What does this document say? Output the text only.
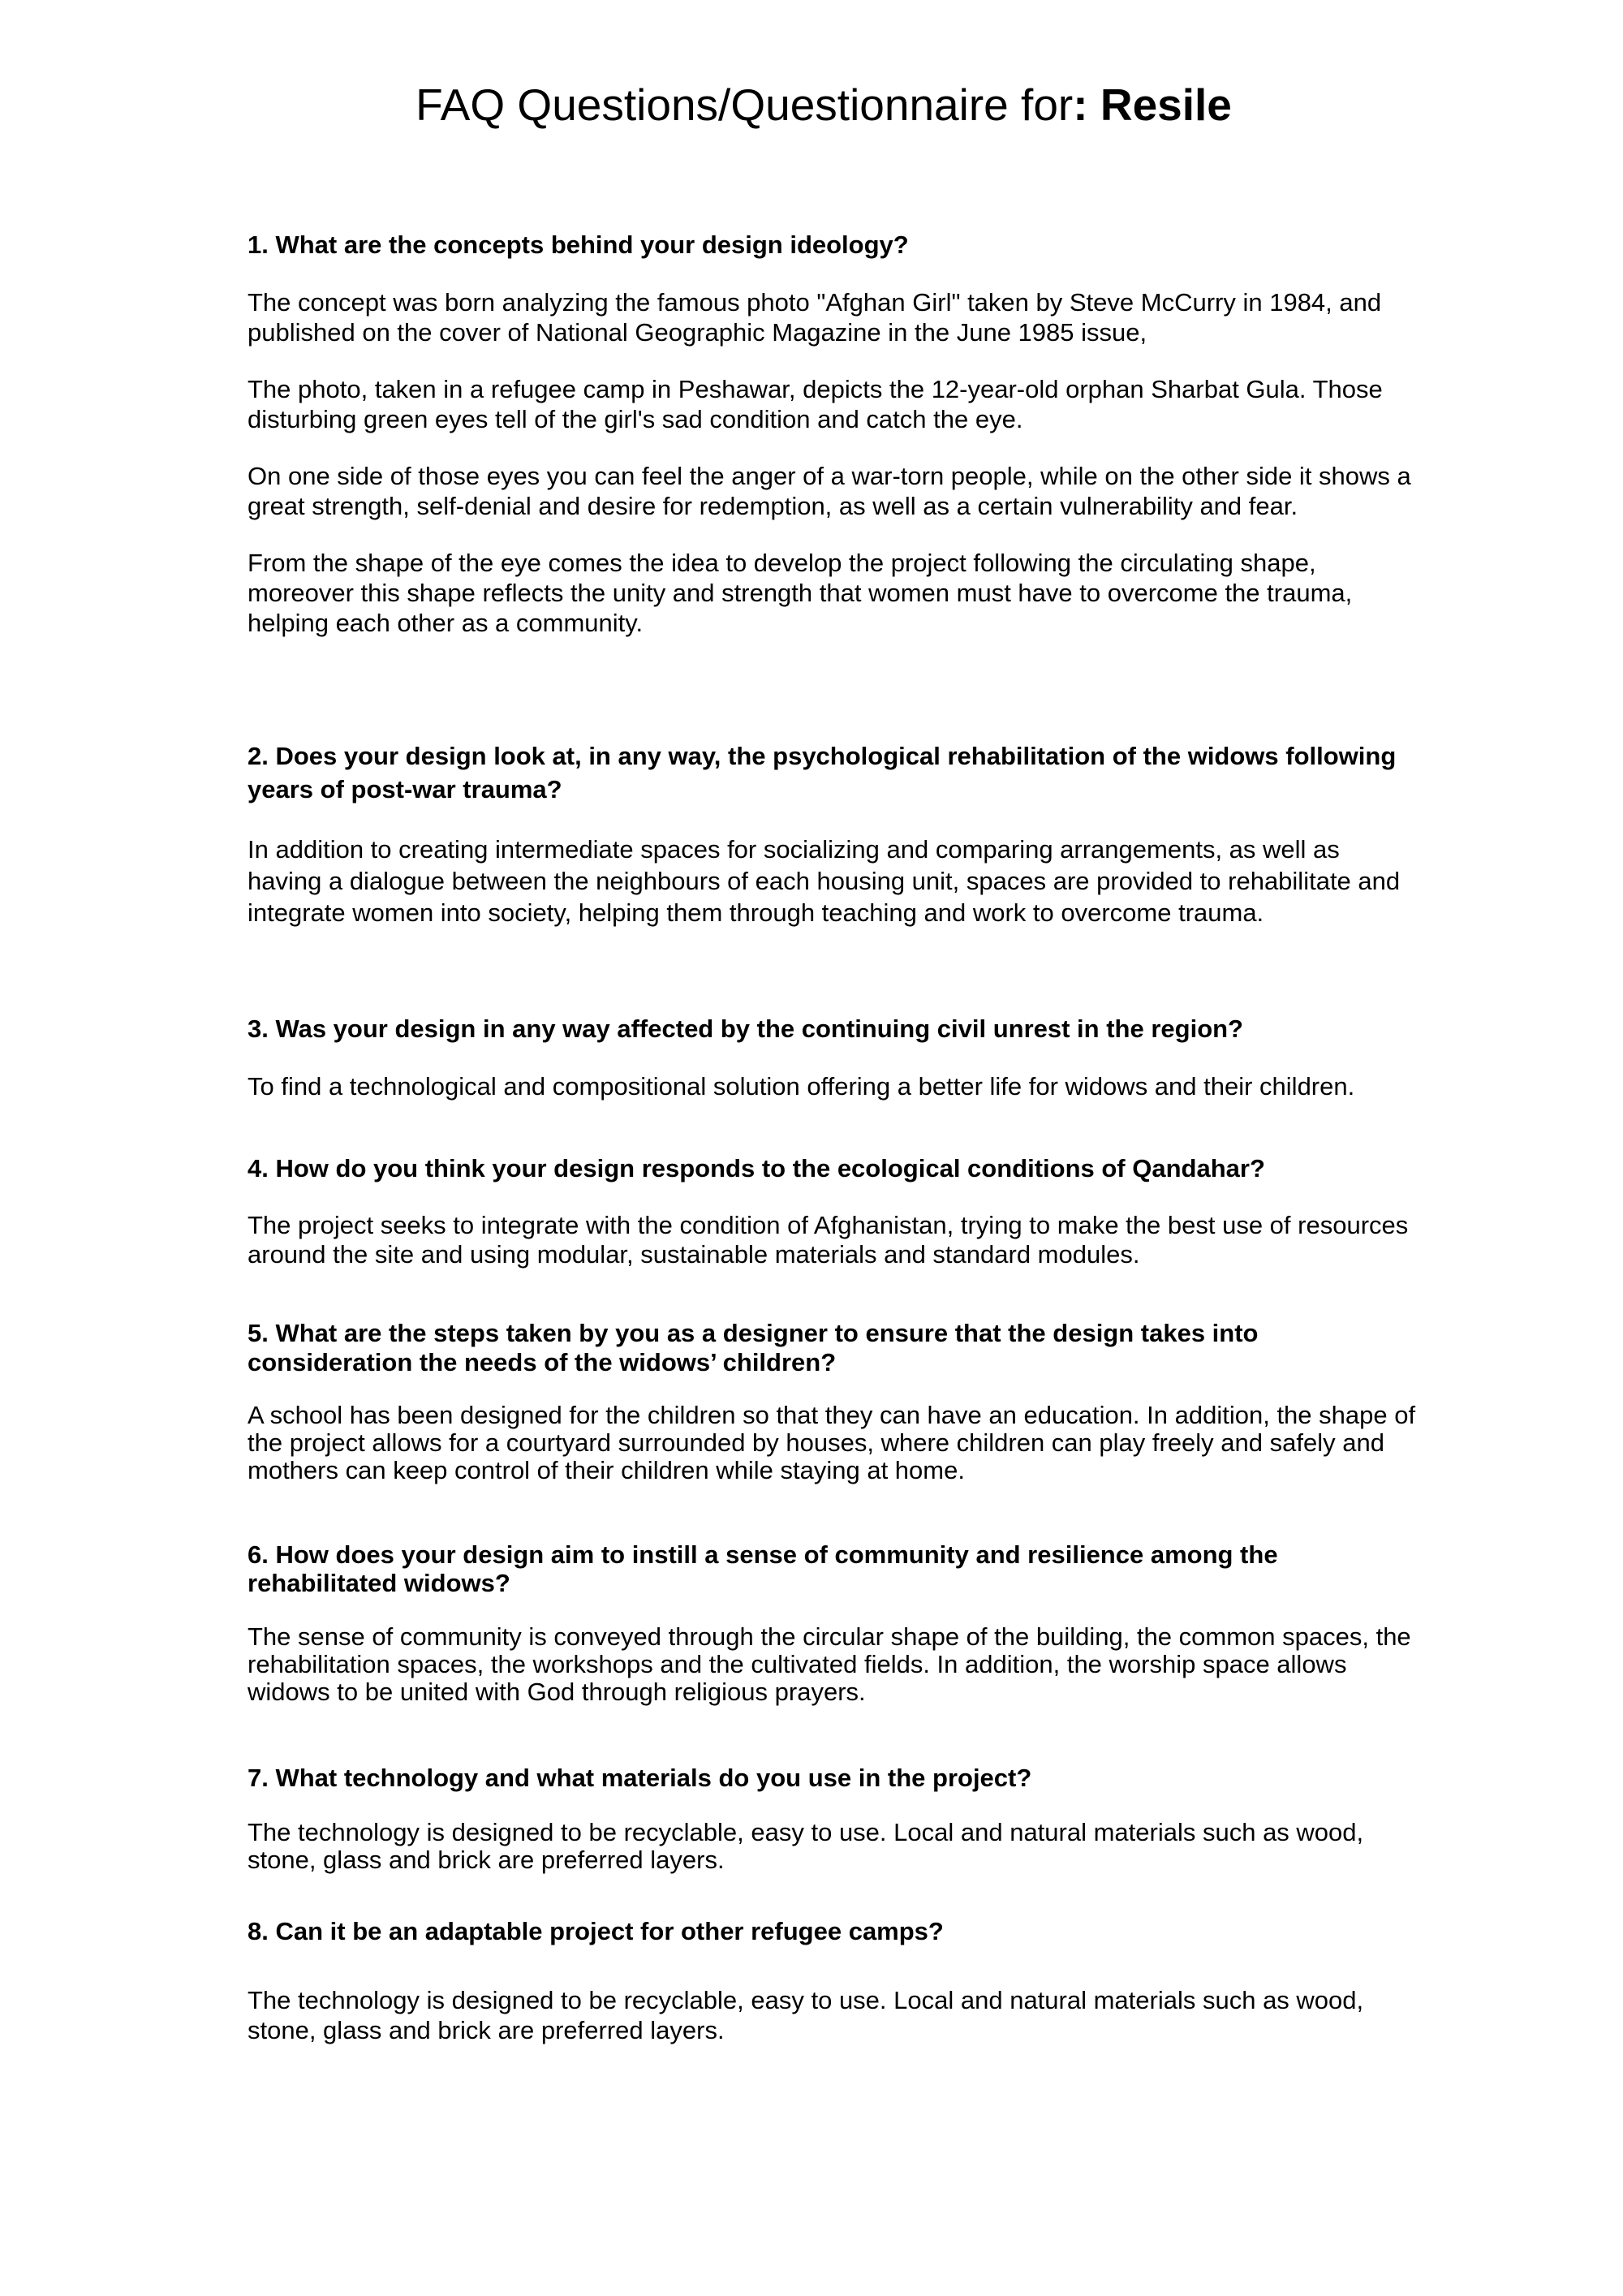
FAQ Questions/Questionnaire for: Resile

1. What are the concepts behind your design ideology?

The concept was born analyzing the famous photo "Afghan Girl" taken by Steve McCurry in 1984, and published on the cover of National Geographic Magazine in the June 1985 issue,

The photo, taken in a refugee camp in Peshawar, depicts the 12-year-old orphan Sharbat Gula. Those disturbing green eyes tell of the girl's sad condition and catch the eye.

On one side of those eyes you can feel the anger of a war-torn people, while on the other side it shows a great strength, self-denial and desire for redemption, as well as a certain vulnerability and fear.

From the shape of the eye comes the idea to develop the project following the circulating shape, moreover this shape reflects the unity and strength that women must have to overcome the trauma, helping each other as a community.

2. Does your design look at, in any way, the psychological rehabilitation of the widows following years of post-war trauma?

In addition to creating intermediate spaces for socializing and comparing arrangements, as well as having a dialogue between the neighbours of each housing unit, spaces are provided to rehabilitate and integrate women into society, helping them through teaching and work to overcome trauma.

3. Was your design in any way affected by the continuing civil unrest in the region?

To find a technological and compositional solution offering a better life for widows and their children.

4. How do you think your design responds to the ecological conditions of Qandahar?

The project seeks to integrate with the condition of Afghanistan, trying to make the best use of resources around the site and using modular, sustainable materials and standard modules.

5. What are the steps taken by you as a designer to ensure that the design takes into consideration the needs of the widows’ children?

A school has been designed for the children so that they can have an education. In addition, the shape of the project allows for a courtyard surrounded by houses, where children can play freely and safely and mothers can keep control of their children while staying at home.

6. How does your design aim to instill a sense of community and resilience among the rehabilitated widows?

The sense of community is conveyed through the circular shape of the building, the common spaces, the rehabilitation spaces, the workshops and the cultivated fields. In addition, the worship space allows widows to be united with God through religious prayers.

7. What technology and what materials do you use in the project?

The technology is designed to be recyclable, easy to use. Local and natural materials such as wood, stone, glass and brick are preferred layers.

8. Can it be an adaptable project for other refugee camps?

The technology is designed to be recyclable, easy to use. Local and natural materials such as wood, stone, glass and brick are preferred layers.
